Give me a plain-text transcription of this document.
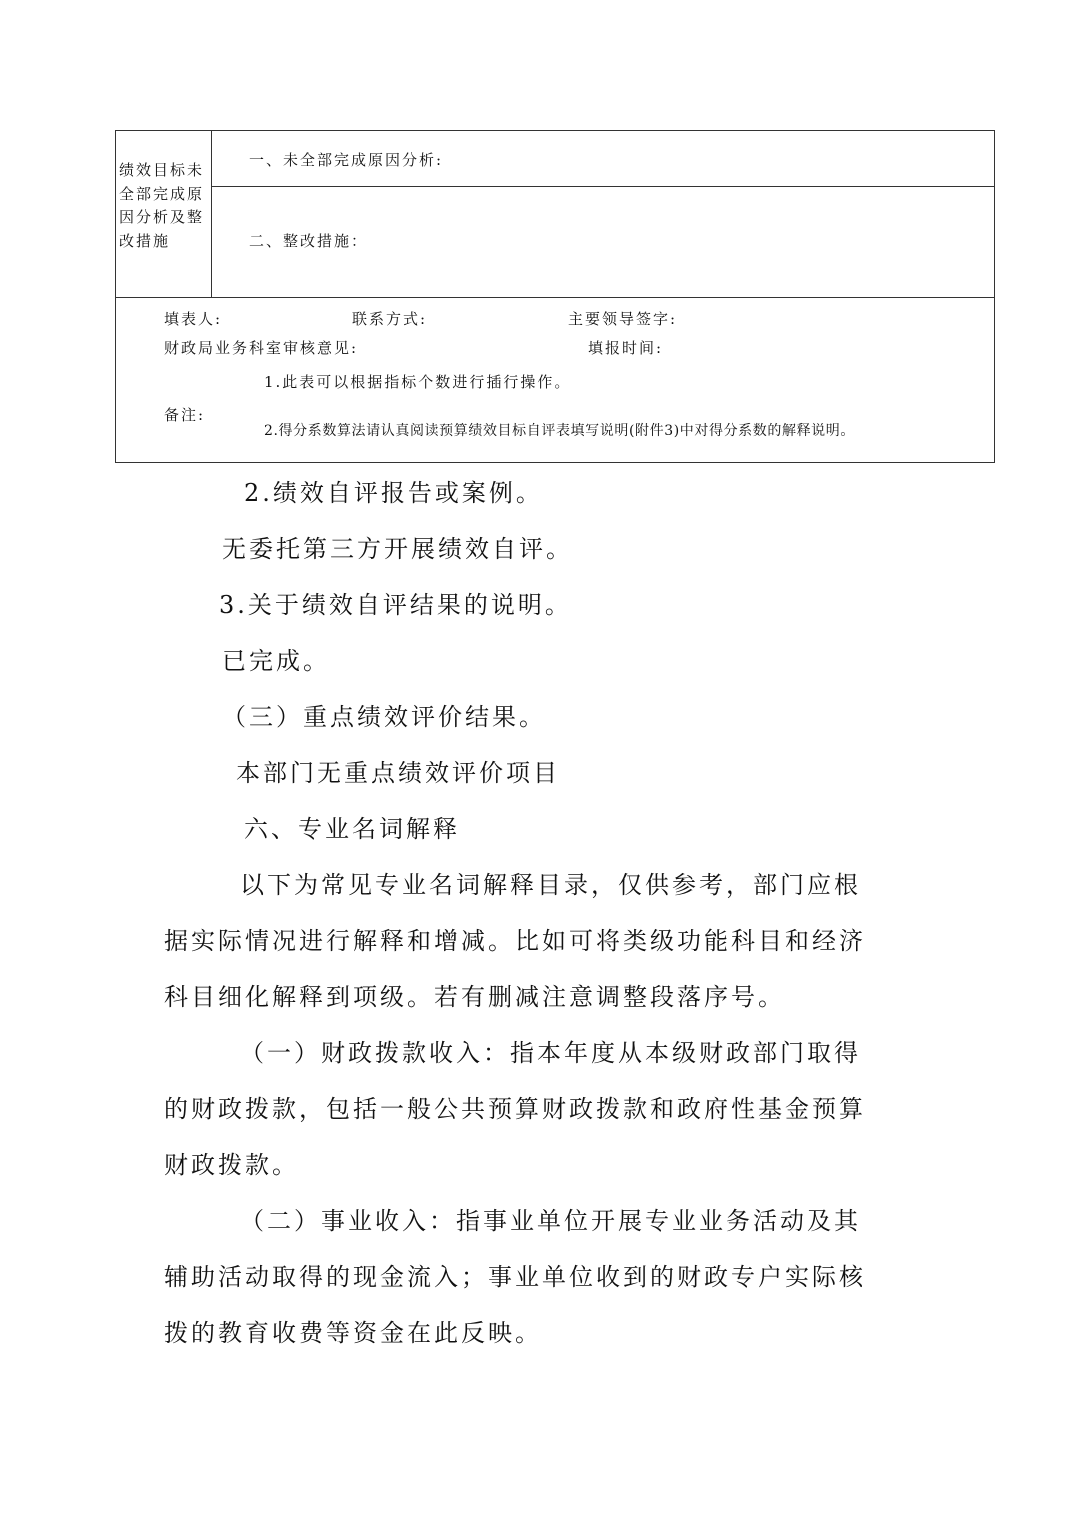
绩效目标未全部完成原因分析及整改措施
一、未全部完成原因分析:
二、整改措施：
填表人:	联系方式:	主要领导签字:
财政局业务科室审核意见:	填报时间:
1.此表可以根据指标个数进行插行操作。
备注:
2.得分系数算法请认真阅读预算绩效目标自评表填写说明(附件3)中对得分系数的解释说明。
2.绩效自评报告或案例。
无委托第三方开展绩效自评。
3.关于绩效自评结果的说明。
已完成。
（三）重点绩效评价结果。
本部门无重点绩效评价项目
六、专业名词解释
以下为常见专业名词解释目录，仅供参考，部门应根
据实际情况进行解释和增减。比如可将类级功能科目和经济
科目细化解释到项级。若有删减注意调整段落序号。
（一）财政拨款收入：指本年度从本级财政部门取得
的财政拨款，包括一般公共预算财政拨款和政府性基金预算
财政拨款。
（二）事业收入：指事业单位开展专业业务活动及其
辅助活动取得的现金流入；事业单位收到的财政专户实际核
拨的教育收费等资金在此反映。
